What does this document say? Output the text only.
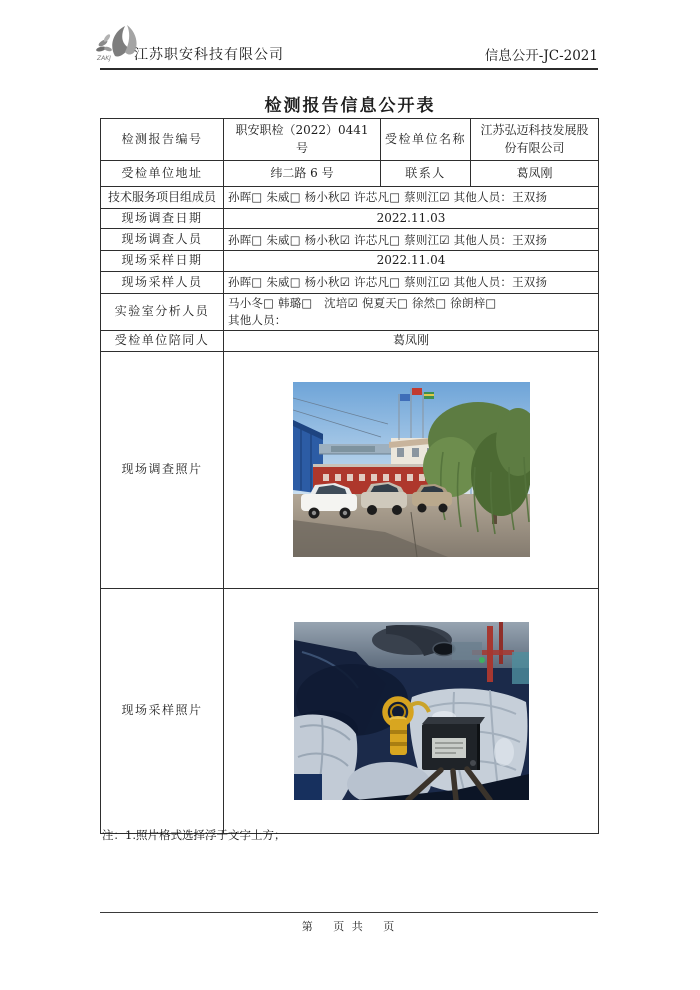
ZAKJ 江苏职安科技有限公司	信息公开-JC-2021
检测报告信息公开表
检测报告编号	职安职检（2022）0441 号	受检单位名称	江苏弘迈科技发展股份有限公司
受检单位地址	纬二路 6 号	联系人	葛凤刚
技术服务项目组成员	孙晖□ 朱威□ 杨小秋☑ 许芯凡□ 蔡则江☑ 其他人员：王双扬		
现场调查日期	2022.11.03		
现场调查人员	孙晖□ 朱威□ 杨小秋☑ 许芯凡□ 蔡则江☑ 其他人员：王双扬		
现场采样日期	2022.11.04		
现场采样人员	孙晖□ 朱威□ 杨小秋☑ 许芯凡□ 蔡则江☑ 其他人员：王双扬		
实验室分析人员	马小冬□ 韩璐□　沈培☑ 倪夏天□ 徐然□ 徐朗梓□
其他人员：		
受检单位陪同人	葛凤刚		
现场调查照片	

现场采样照片	
注：1.照片格式选择浮于文字上方；
第　 页 共 　页
